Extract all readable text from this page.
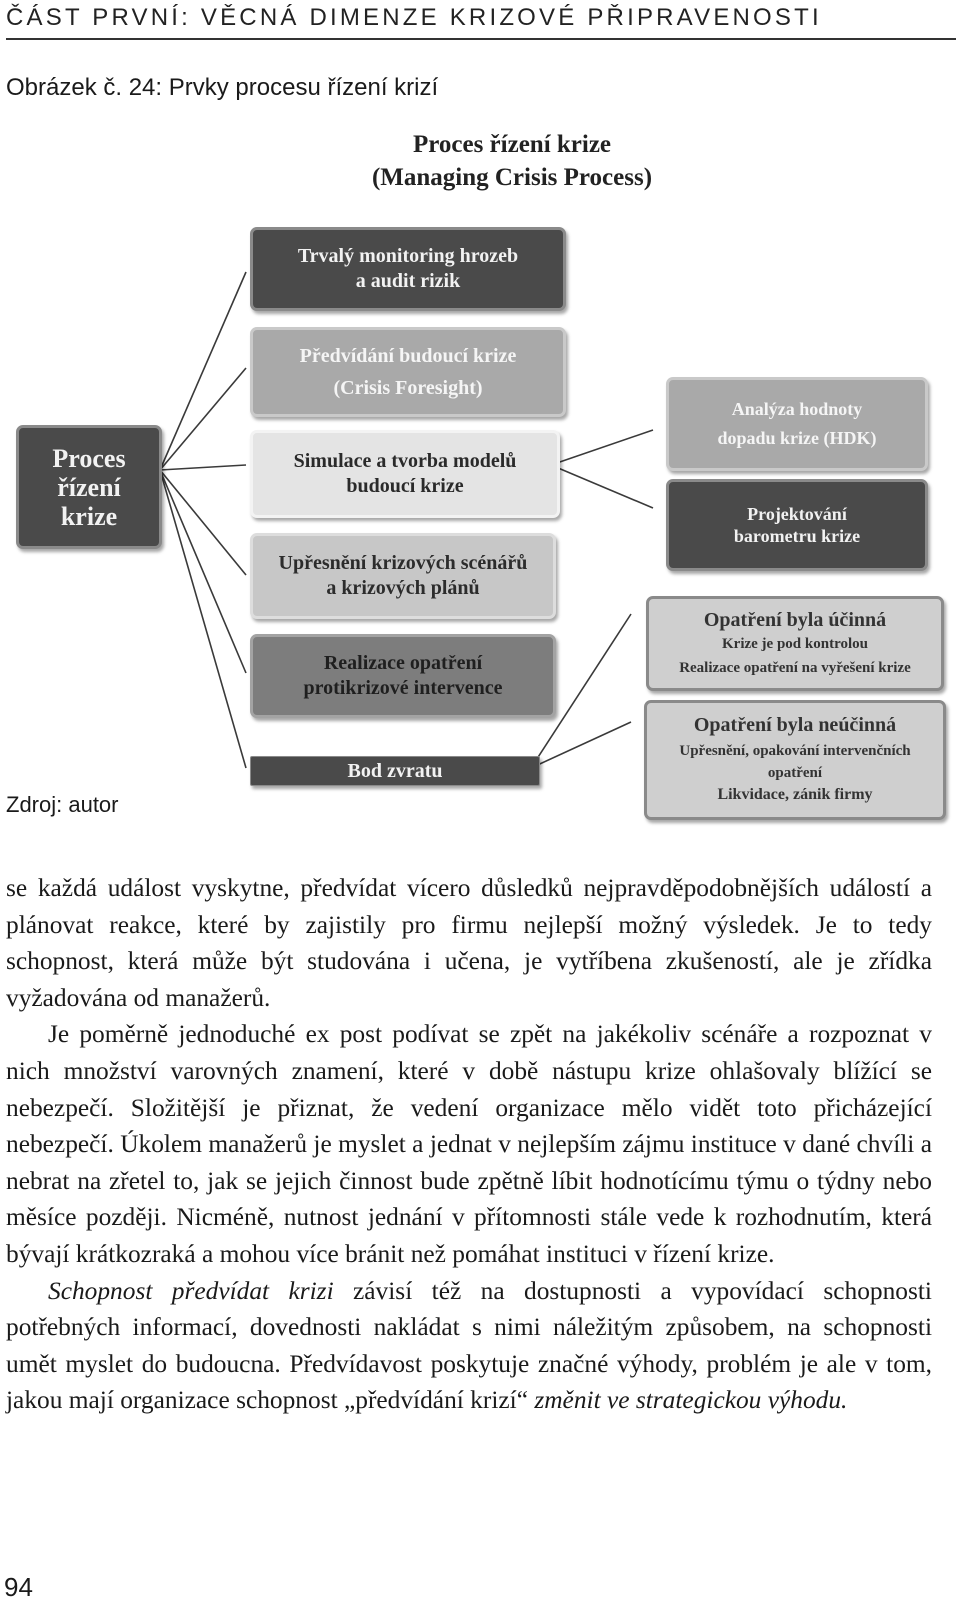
ČÁST PRVNÍ: VĚCNÁ DIMENZE KRIZOVÉ PŘIPRAVENOSTI
Obrázek č. 24: Prvky procesu řízení krizí
Proces řízení krize
(Managing Crisis Process)
Proces
řízení
krize
Trvalý monitoring hrozeb
a audit rizik
Předvídání budoucí krize
(Crisis Foresight)
Simulace a tvorba modelů
budoucí krize
Upřesnění krizových scénářů
a krizových plánů
Realizace opatření
protikrizové intervence
Bod zvratu
Analýza hodnoty
dopadu krize (HDK)
Projektování
barometru krize
Opatření byla účinná
Krize je pod kontrolou
Realizace opatření na vyřešení krize
Opatření byla neúčinná
Upřesnění, opakování intervenčních
opatření
Likvidace, zánik firmy
Zdroj: autor

se každá událost vyskytne, předvídat vícero důsledků nejpravděpodobnějších událostí a plánovat reakce, které by zajistily pro firmu nejlepší možný výsledek. Je to tedy schopnost, která může být studována i učena, je vytříbena zkušeností, ale je zřídka vyžadována od manažerů.

Je poměrně jednoduché ex post podívat se zpět na jakékoliv scénáře a rozpoznat v nich množství varovných znamení, které v době nástupu krize ohlašovaly blížící se nebezpečí. Složitější je přiznat, že vedení organizace mělo vidět toto přicházející nebezpečí. Úkolem manažerů je myslet a jednat v nejlepším zájmu instituce v dané chvíli a nebrat na zřetel to, jak se jejich činnost bude zpětně líbit hodnotícímu týmu o týdny nebo měsíce později. Nicméně, nutnost jednání v přítomnosti stále vede k rozhodnutím, která bývají krátkozraká a mohou více bránit než pomáhat instituci v řízení krize.

Schopnost předvídat krizi závisí též na dostupnosti a vypovídací schopnosti potřebných informací, dovednosti nakládat s nimi náležitým způsobem, na schopnosti umět myslet do budoucna. Předvídavost poskytuje značné výhody, problém je ale v tom, jakou mají organizace schopnost „předvídání krizí“ změnit ve strategickou výhodu.

94
